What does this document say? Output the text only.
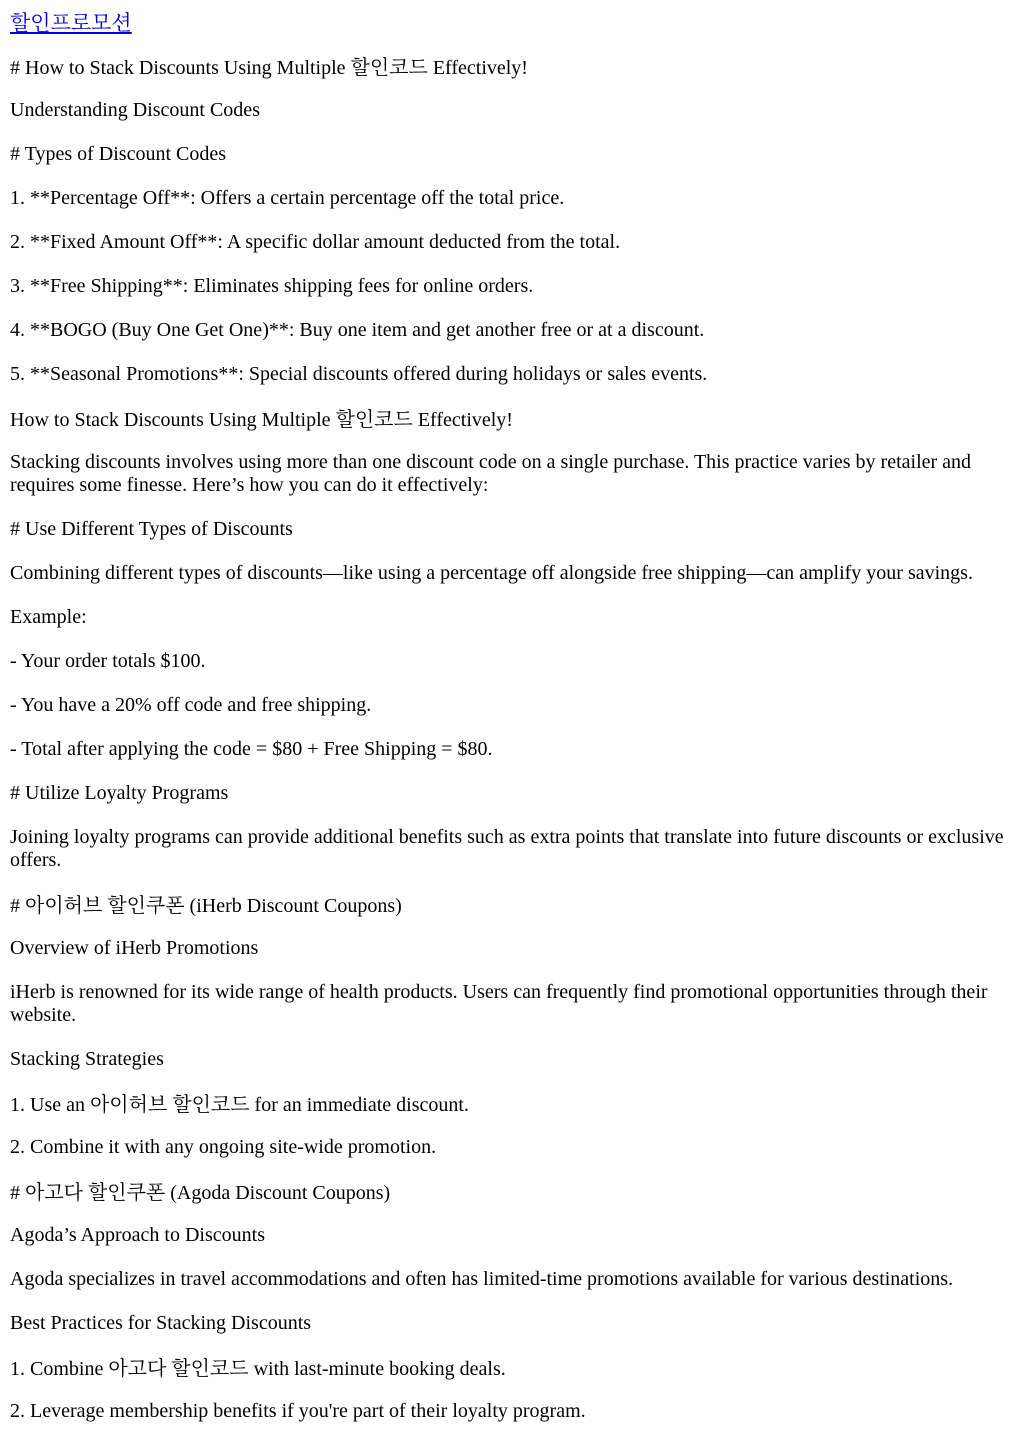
할인프로모션

# How to Stack Discounts Using Multiple 할인코드 Effectively!

Understanding Discount Codes

# Types of Discount Codes

1. **Percentage Off**: Offers a certain percentage off the total price.

2. **Fixed Amount Off**: A specific dollar amount deducted from the total.

3. **Free Shipping**: Eliminates shipping fees for online orders.

4. **BOGO (Buy One Get One)**: Buy one item and get another free or at a discount.

5. **Seasonal Promotions**: Special discounts offered during holidays or sales events.

How to Stack Discounts Using Multiple 할인코드 Effectively!

Stacking discounts involves using more than one discount code on a single purchase. This practice varies by retailer and requires some finesse. Here’s how you can do it effectively:

# Use Different Types of Discounts

Combining different types of discounts—like using a percentage off alongside free shipping—can amplify your savings.

Example:

- Your order totals $100.

- You have a 20% off code and free shipping.

- Total after applying the code = $80 + Free Shipping = $80.

# Utilize Loyalty Programs

Joining loyalty programs can provide additional benefits such as extra points that translate into future discounts or exclusive offers.

# 아이허브 할인쿠폰 (iHerb Discount Coupons)

Overview of iHerb Promotions

iHerb is renowned for its wide range of health products. Users can frequently find promotional opportunities through their website.

Stacking Strategies

1. Use an 아이허브 할인코드 for an immediate discount.

2. Combine it with any ongoing site-wide promotion.

# 아고다 할인쿠폰 (Agoda Discount Coupons)

Agoda’s Approach to Discounts

Agoda specializes in travel accommodations and often has limited-time promotions available for various destinations.

Best Practices for Stacking Discounts

1. Combine 아고다 할인코드 with last-minute booking deals.

2. Leverage membership benefits if you're part of their loyalty program.
